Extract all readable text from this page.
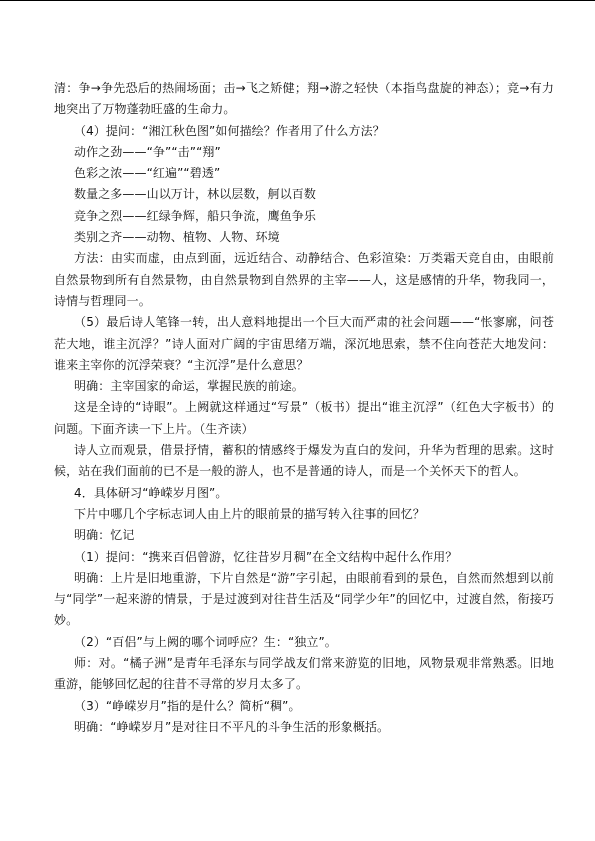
清：争→争先恐后的热闹场面；击→飞之矫健；翔→游之轻快（本指鸟盘旋的神态）；竞→有力地突出了万物蓬勃旺盛的生命力。

（4）提问：“湘江秋色图”如何描绘？作者用了什么方法？

动作之劲——“争”“击”“翔”

色彩之浓——“红遍”“碧透”

数量之多——山以万计，林以层数，舸以百数

竞争之烈——红绿争辉，船只争流，鹰鱼争乐

类别之齐——动物、植物、人物、环境

方法：由实而虚，由点到面，远近结合、动静结合、色彩渲染：万类霜天竞自由，由眼前自然景物到所有自然景物，由自然景物到自然界的主宰——人，这是感情的升华，物我同一，诗情与哲理同一。

（5）最后诗人笔锋一转，出人意料地提出一个巨大而严肃的社会问题——“怅寥廓，问苍茫大地，谁主沉浮？”诗人面对广阔的宇宙思绪万端，深沉地思索，禁不住向苍茫大地发问：谁来主宰你的沉浮荣衰？“主沉浮”是什么意思？

明确：主宰国家的命运，掌握民族的前途。

这是全诗的“诗眼”。上阙就这样通过“写景”（板书）提出“谁主沉浮”（红色大字板书）的问题。下面齐读一下上片。（生齐读）

诗人立而观景，借景抒情，蓄积的情感终于爆发为直白的发问，升华为哲理的思索。这时候，站在我们面前的已不是一般的游人，也不是普通的诗人，而是一个关怀天下的哲人。

4．具体研习“峥嵘岁月图”。

下片中哪几个字标志词人由上片的眼前景的描写转入往事的回忆？

明确：忆记

（1）提问：“携来百侣曾游，忆往昔岁月稠”在全文结构中起什么作用？

明确：上片是旧地重游，下片自然是“游”字引起，由眼前看到的景色，自然而然想到以前与“同学”一起来游的情景，于是过渡到对往昔生活及“同学少年”的回忆中，过渡自然，衔接巧妙。

（2）“百侣”与上阙的哪个词呼应？生：“独立”。

师：对。“橘子洲”是青年毛泽东与同学战友们常来游览的旧地，风物景观非常熟悉。旧地重游，能够回忆起的往昔不寻常的岁月太多了。

（3）“峥嵘岁月”指的是什么？简析“稠”。

明确：“峥嵘岁月”是对往日不平凡的斗争生活的形象概括。
